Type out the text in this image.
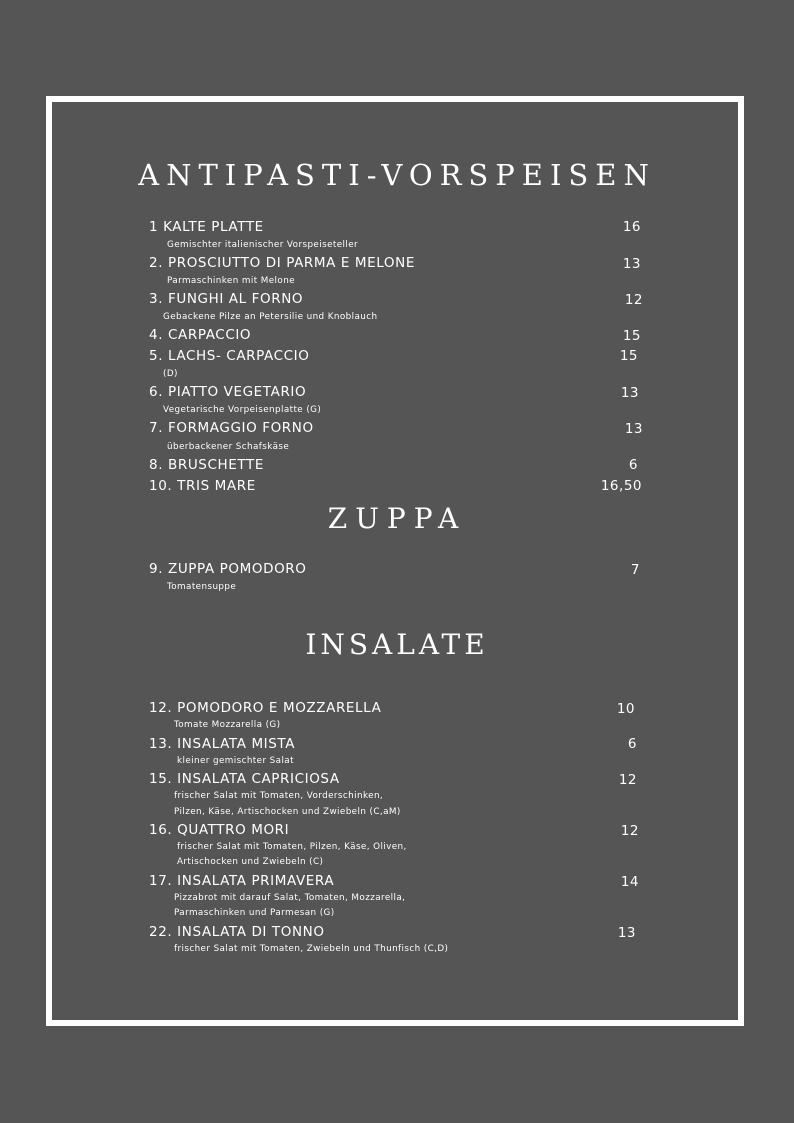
ANTIPASTI-VORSPEISEN
1 KALTE PLATTE	16
Gemischter italienischer Vorspeiseteller
2. PROSCIUTTO DI PARMA E MELONE	13
Parmaschinken mit Melone
3. FUNGHI AL FORNO	12
Gebackene Pilze an Petersilie und Knoblauch
4. CARPACCIO	15
5. LACHS- CARPACCIO	15
(D)
6. PIATTO VEGETARIO	13
Vegetarische Vorpeisenplatte (G)
7. FORMAGGIO FORNO	13
überbackener Schafskäse
8. BRUSCHETTE	6
10. TRIS MARE	16,50
ZUPPA
9. ZUPPA POMODORO	7
Tomatensuppe
INSALATE
12. POMODORO E MOZZARELLA	10
Tomate Mozzarella (G)
13. INSALATA MISTA	6
kleiner gemischter Salat
15. INSALATA CAPRICIOSA	12
frischer Salat mit Tomaten, Vorderschinken,
Pilzen, Käse, Artischocken und Zwiebeln (C,aM)
16. QUATTRO MORI	12
frischer Salat mit Tomaten, Pilzen, Käse, Oliven,
Artischocken und Zwiebeln (C)
17. INSALATA PRIMAVERA	14
Pizzabrot mit darauf Salat, Tomaten, Mozzarella,
Parmaschinken und Parmesan (G)
22. INSALATA DI TONNO	13
frischer Salat mit Tomaten, Zwiebeln und Thunfisch (C,D)
